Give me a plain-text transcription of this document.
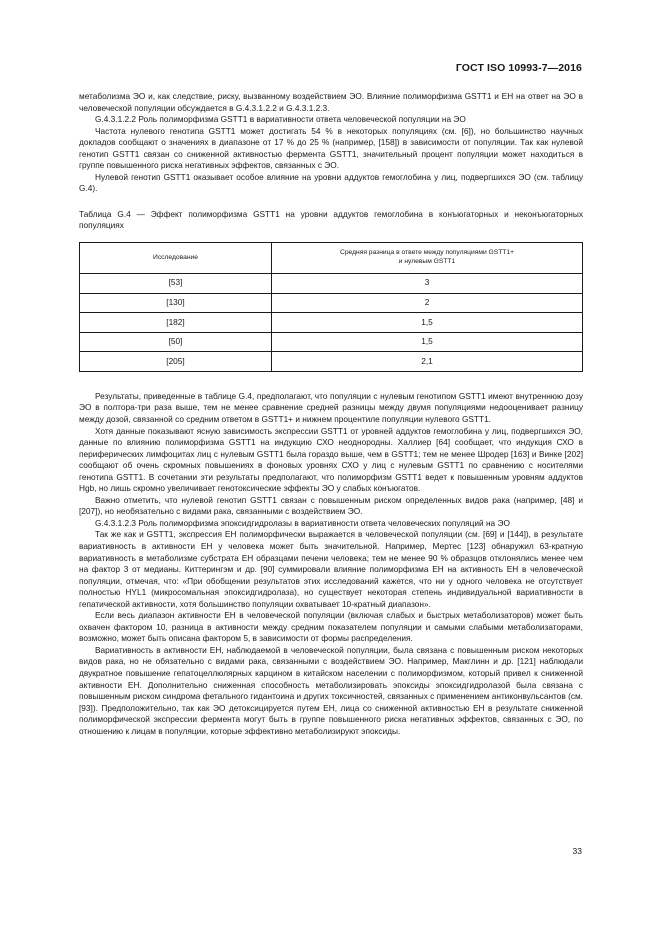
ГОСТ ISO 10993-7—2016

метаболизма ЭО и, как следствие, риску, вызванному воздействием ЭО. Влияние полиморфизма GSTT1 и ЕН на ответ на ЭО в человеческой популяции обсуждается в G.4.3.1.2.2 и G.4.3.1.2.3.

G.4.3.1.2.2 Роль полиморфизма GSTT1 в вариативности ответа человеческой популяции на ЭО

Частота нулевого генотипа GSTT1 может достигать 54 % в некоторых популяциях (см. [6]), но большинство научных докладов сообщают о значениях в диапазоне от 17 % до 25 % (например, [158]) в зависимости от популяции. Так как нулевой генотип GSTT1 связан со сниженной активностью фермента GSTT1, значительный процент популяции может находиться в группе повышенного риска негативных эффектов, связанных с ЭО.

Нулевой генотип GSTT1 оказывает особое влияние на уровни аддуктов гемоглобина у лиц, подвергшихся ЭО (см. таблицу G.4).

Таблица G.4 — Эффект полиморфизма GSTT1 на уровни аддуктов гемоглобина в конъюгаторных и неконъюгаторных популяциях

Исследование	Средняя разница в ответе между популяциями GSTT1+
и нулевым GSTT1
[53]	3
[130]	2
[182]	1,5
[50]	1,5
[205]	2,1

Результаты, приведенные в таблице G.4, предполагают, что популяции с нулевым генотипом GSTT1 имеют внутреннюю дозу ЭО в полтора-три раза выше, тем не менее сравнение средней разницы между двумя популяциями недооценивает разницу между дозой, связанной со средним ответом в GSTT1+ и нижнем процентиле популяции нулевого GSTT1.

Хотя данные показывают ясную зависимость экспрессии GSTT1 от уровней аддуктов гемоглобина у лиц, подвергшихся ЭО, данные по влиянию полиморфизма GSTT1 на индукцию СХО неоднородны. Халлиер [64] сообщает, что индукция СХО в периферических лимфоцитах лиц с нулевым GSTT1 была гораздо выше, чем в GSTT1; тем не менее Шродер [163] и Винке [202] сообщают об очень скромных повышениях в фоновых уровнях СХО у лиц с нулевым GSTT1 по сравнению с носителями генотипа GSTT1. В сочетании эти результаты предполагают, что полиморфизм GSTT1 ведет к повышенным уровням аддуктов Hgb, но лишь скромно увеличивает генотоксические эффекты ЭО у слабых конъюгатов.

Важно отметить, что нулевой генотип GSTT1 связан с повышенным риском определенных видов рака (например, [48] и [207]), но необязательно с видами рака, связанными с воздействием ЭО.

G.4.3.1.2.3 Роль полиморфизма эпоксидгидролазы в вариативности ответа человеческих популяций на ЭО

Так же как и GSTT1, экспрессия ЕН полиморфически выражается в человеческой популяции (см. [69] и [144]), в результате вариативность в активности ЕН у человека может быть значительной. Например, Мертес [123] обнаружил 63-кратную вариативность в метаболизме субстрата ЕН образцами печени человека; тем не менее 90 % образцов отклонялись менее чем на фактор 3 от медианы. Киттерингэм и др. [90] суммировали влияние полиморфизма ЕН на активность ЕН в человеческой популяции, отмечая, что: «При обобщении результатов этих исследований кажется, что ни у одного человека не отсутствует полностью HYL1 (микросомальная эпоксидгидролаза), но существует некоторая степень индивидуальной вариативности в гепатической активности, хотя большинство популяции охватывает 10-кратный диапазон».

Если весь диапазон активности ЕН в человеческой популяции (включая слабых и быстрых метаболизаторов) может быть охвачен фактором 10, разница в активности между средним показателем популяции и самыми слабыми метаболизаторами, возможно, может быть описана фактором 5, в зависимости от формы распределения.

Вариативность в активности ЕН, наблюдаемой в человеческой популяции, была связана с повышенным риском некоторых видов рака, но не обязательно с видами рака, связанными с воздействием ЭО. Например, Макглинн и др. [121] наблюдали двукратное повышение гепатоцеллюлярных карцином в китайском населении с полиморфизмом, который привел к сниженной активности ЕН. Дополнительно сниженная способность метаболизировать эпоксиды эпоксидгидролазой была связана с повышенным риском синдрома фетального гидантоина и других токсичностей, связанных с применением антиконвульсантов (см. [93]). Предположительно, так как ЭО детоксицируется путем ЕН, лица со сниженной активностью ЕН в результате сниженной полиморфической экспрессии фермента могут быть в группе повышенного риска негативных эффектов, связанных с ЭО, по отношению к лицам в популяции, которые эффективно метаболизируют эпоксиды.

33
